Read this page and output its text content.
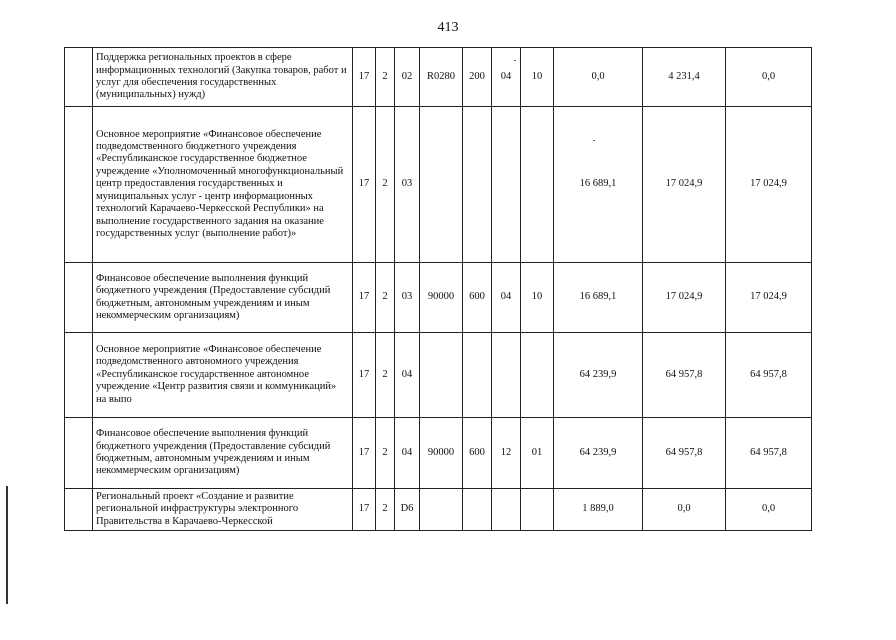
413
	Поддержка региональных проектов в сфере информационных технологий (Закупка товаров, работ и услуг для обеспечения государственных (муниципальных) нужд)	17	2	02	R0280	200	04	10	0,0	4 231,4	0,0
	Основное мероприятие «Финансовое обеспечение подведомственного бюджетного учреждения «Республиканское государственное бюджетное учреждение «Уполномоченный многофункциональный центр предоставления государственных и муниципальных услуг - центр информационных технологий Карачаево-Черкесской Республики» на выполнение государственного задания на оказание государственных услуг (выполнение работ)»	17	2	03					16 689,1	17 024,9	17 024,9
	Финансовое обеспечение выполнения функций бюджетного учреждения (Предоставление субсидий бюджетным, автономным учреждениям и иным некоммерческим организациям)	17	2	03	90000	600	04	10	16 689,1	17 024,9	17 024,9
	Основное мероприятие «Финансовое обеспечение подведомственного автономного учреждения «Республиканское государственное автономное учреждение «Центр развития связи и коммуникаций» на выпо	17	2	04					64 239,9	64 957,8	64 957,8
	Финансовое обеспечение выполнения функций бюджетного учреждения (Предоставление субсидий бюджетным, автономным учреждениям и иным некоммерческим организациям)	17	2	04	90000	600	12	01	64 239,9	64 957,8	64 957,8
	Региональный проект «Создание и развитие региональной инфраструктуры электронного Правительства в Карачаево-Черкесской	17	2	D6					1 889,0	0,0	0,0
